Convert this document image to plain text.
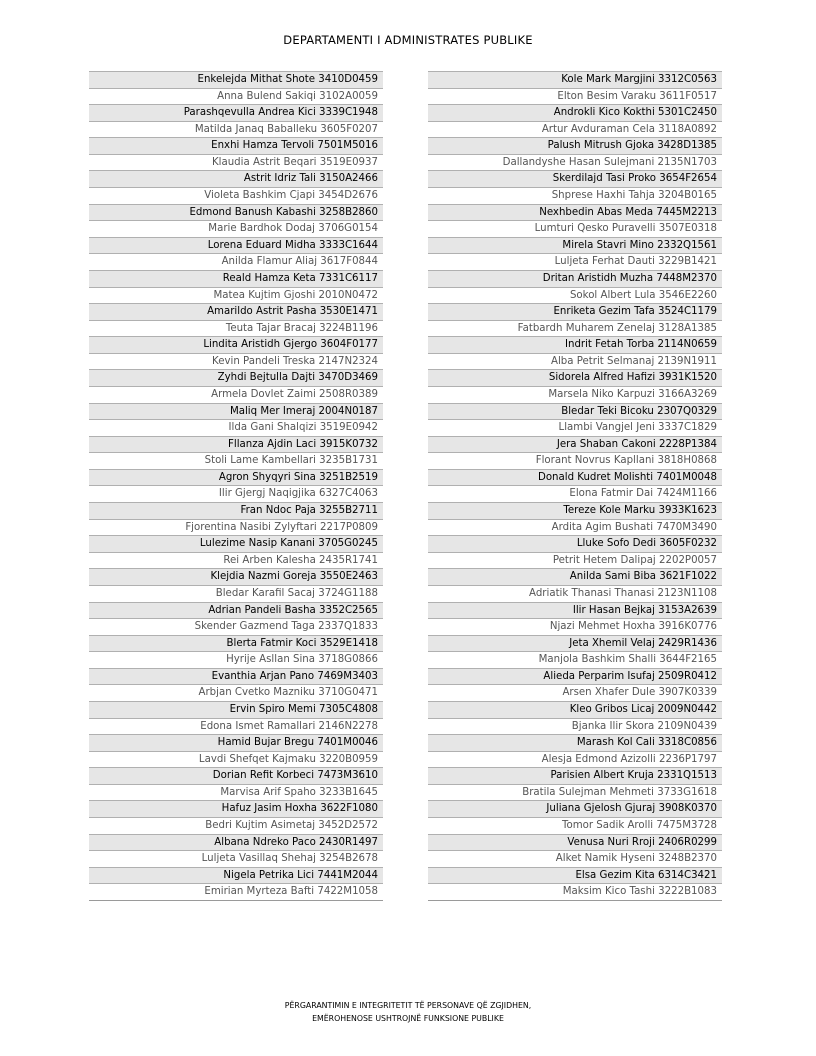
DEPARTAMENTI I ADMINISTRATES PUBLIKE
Enkelejda Mithat Shote 3410D0459
Anna Bulend Sakiqi 3102A0059
Parashqevulla Andrea Kici 3339C1948
Matilda Janaq Baballeku 3605F0207
Enxhi Hamza Tervoli 7501M5016
Klaudia Astrit Beqari 3519E0937
Astrit Idriz Tali 3150A2466
Violeta Bashkim Cjapi 3454D2676
Edmond Banush Kabashi 3258B2860
Marie Bardhok Dodaj 3706G0154
Lorena Eduard Midha 3333C1644
Anilda Flamur Aliaj 3617F0844
Reald Hamza Keta 7331C6117
Matea Kujtim Gjoshi 2010N0472
Amarildo Astrit Pasha 3530E1471
Teuta Tajar Bracaj 3224B1196
Lindita Aristidh Gjergo 3604F0177
Kevin Pandeli Treska 2147N2324
Zyhdi Bejtulla Dajti 3470D3469
Armela Dovlet Zaimi 2508R0389
Maliq Mer Imeraj 2004N0187
Ilda Gani Shalqizi 3519E0942
Fllanza Ajdin Laci 3915K0732
Stoli Lame Kambellari 3235B1731
Agron Shyqyri Sina 3251B2519
Ilir Gjergj Naqigjika 6327C4063
Fran Ndoc Paja 3255B2711
Fjorentina Nasibi Zylyftari 2217P0809
Lulezime Nasip Kanani 3705G0245
Rei Arben Kalesha 2435R1741
Klejdia Nazmi Goreja 3550E2463
Bledar Karafil Sacaj 3724G1188
Adrian Pandeli Basha 3352C2565
Skender Gazmend Taga 2337Q1833
Blerta Fatmir Koci 3529E1418
Hyrije Asllan Sina 3718G0866
Evanthia Arjan Pano 7469M3403
Arbjan Cvetko Mazniku 3710G0471
Ervin Spiro Memi 7305C4808
Edona Ismet Ramallari 2146N2278
Hamid Bujar Bregu 7401M0046
Lavdi Shefqet Kajmaku 3220B0959
Dorian Refit Korbeci 7473M3610
Marvisa Arif Spaho 3233B1645
Hafuz Jasim Hoxha 3622F1080
Bedri Kujtim Asimetaj 3452D2572
Albana Ndreko Paco 2430R1497
Luljeta Vasillaq Shehaj 3254B2678
Nigela Petrika Lici 7441M2044
Emirian Myrteza Bafti 7422M1058
Kole Mark Margjini 3312C0563
Elton Besim Varaku 3611F0517
Androkli Kico Kokthi 5301C2450
Artur Avduraman Cela 3118A0892
Palush Mitrush Gjoka 3428D1385
Dallandyshe Hasan Sulejmani 2135N1703
Skerdilajd Tasi Proko 3654F2654
Shprese Haxhi Tahja 3204B0165
Nexhbedin Abas Meda 7445M2213
Lumturi Qesko Puravelli 3507E0318
Mirela Stavri Mino 2332Q1561
Luljeta Ferhat Dauti 3229B1421
Dritan Aristidh Muzha 7448M2370
Sokol Albert Lula 3546E2260
Enriketa Gezim Tafa 3524C1179
Fatbardh Muharem Zenelaj 3128A1385
Indrit Fetah Torba 2114N0659
Alba Petrit Selmanaj 2139N1911
Sidorela Alfred Hafizi 3931K1520
Marsela Niko Karpuzi 3166A3269
Bledar Teki Bicoku 2307Q0329
Llambi Vangjel Jeni 3337C1829
Jera Shaban Cakoni 2228P1384
Florant Novrus Kapllani 3818H0868
Donald Kudret Molishti 7401M0048
Elona Fatmir Dai 7424M1166
Tereze Kole Marku 3933K1623
Ardita Agim Bushati 7470M3490
Lluke Sofo Dedi 3605F0232
Petrit Hetem Dalipaj 2202P0057
Anilda Sami Biba 3621F1022
Adriatik Thanasi Thanasi 2123N1108
Ilir Hasan Bejkaj 3153A2639
Njazi Mehmet Hoxha 3916K0776
Jeta Xhemil Velaj 2429R1436
Manjola Bashkim Shalli 3644F2165
Alieda Perparim Isufaj 2509R0412
Arsen Xhafer Dule 3907K0339
Kleo Gribos Licaj 2009N0442
Bjanka Ilir Skora 2109N0439
Marash Kol Cali 3318C0856
Alesja Edmond Azizolli 2236P1797
Parisien Albert Kruja 2331Q1513
Bratila Sulejman Mehmeti 3733G1618
Juliana Gjelosh Gjuraj 3908K0370
Tomor Sadik Arolli 7475M3728
Venusa Nuri Rroji 2406R0299
Alket Namik Hyseni 3248B2370
Elsa Gezim Kita 6314C3421
Maksim Kico Tashi 3222B1083
PËRGARANTIMIN E INTEGRITETIT TË PERSONAVE QË ZGJIDHEN,
EMËROHENOSE USHTROJNË FUNKSIONE PUBLIKE
